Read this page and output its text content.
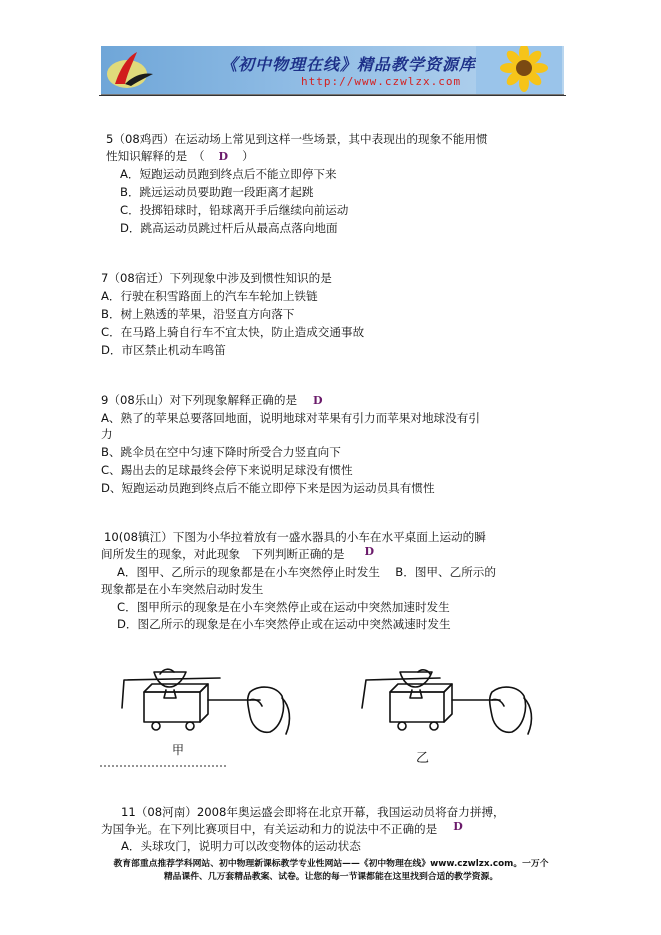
《初中物理在线》精品教学资源库
http://www.czwlzx.com
5（08鸡西）在运动场上常见到这样一些场景，其中表现出的现象不能用惯
性知识解释的是　（ D ）
A．短跑运动员跑到终点后不能立即停下来
B．跳远运动员要助跑一段距离才起跳
C．投掷铅球时，铅球离开手后继续向前运动
D．跳高运动员跳过杆后从最高点落向地面
7（08宿迁）下列现象中涉及到惯性知识的是
A．行驶在积雪路面上的汽车车轮加上铁链
B．树上熟透的苹果，沿竖直方向落下
C．在马路上骑自行车不宜太快，防止造成交通事故
D．市区禁止机动车鸣笛
9（08乐山）对下列现象解释正确的是 D
A、熟了的苹果总要落回地面，说明地球对苹果有引力而苹果对地球没有引
力
B、跳伞员在空中匀速下降时所受合力竖直向下
C、踢出去的足球最终会停下来说明足球没有惯性
D、短跑运动员跑到终点后不能立即停下来是因为运动员具有惯性
10(08镇江）下图为小华拉着放有一盛水器具的小车在水平桌面上运动的瞬
间所发生的现象，对此现象　下列判断正确的是 D
A．图甲、乙所示的现象都是在小车突然停止时发生　 B．图甲、乙所示的
现象都是在小车突然启动时发生
C．图甲所示的现象是在小车突然停止或在运动中突然加速时发生
D．图乙所示的现象是在小车突然停止或在运动中突然减速时发生
甲
乙
11（08河南）2008年奥运盛会即将在北京开幕，我国运动员将奋力拼搏，
为国争光。在下列比赛项目中，有关运动和力的说法中不正确的是 D
A．头球攻门，说明力可以改变物体的运动状态
教育部重点推荐学科网站、初中物理新课标教学专业性网站——《初中物理在线》www.czwlzx.com。一万个
精品课件、几万套精品教案、试卷。让您的每一节课都能在这里找到合适的教学资源。
